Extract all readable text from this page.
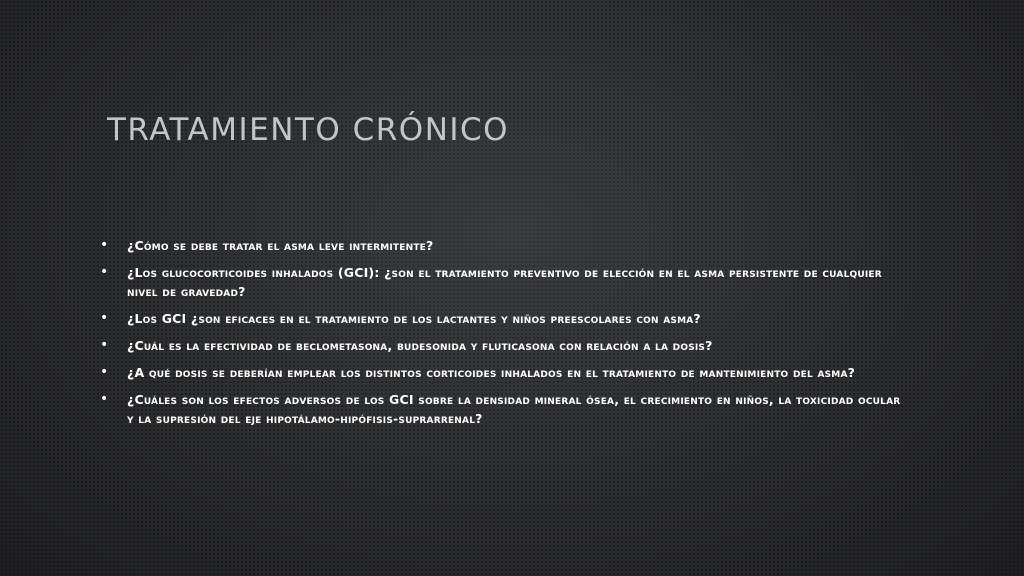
TRATAMIENTO CRÓNICO
• ¿Cómo se debe tratar el asma leve intermitente?
• ¿Los glucocorticoides inhalados (GCI): ¿son el tratamiento preventivo de elección en el asma persistente de cualquier nivel de gravedad?
• ¿Los GCI ¿son eficaces en el tratamiento de los lactantes y niños preescolares con asma?
• ¿Cuál es la efectividad de beclometasona, budesonida y fluticasona con relación a la dosis?
• ¿A qué dosis se deberían emplear los distintos corticoides inhalados en el tratamiento de mantenimiento del asma?
• ¿Cuáles son los efectos adversos de los GCI sobre la densidad mineral ósea, el crecimiento en niños, la toxicidad ocular y la supresión del eje hipotálamo-hipófisis-suprarrenal?
